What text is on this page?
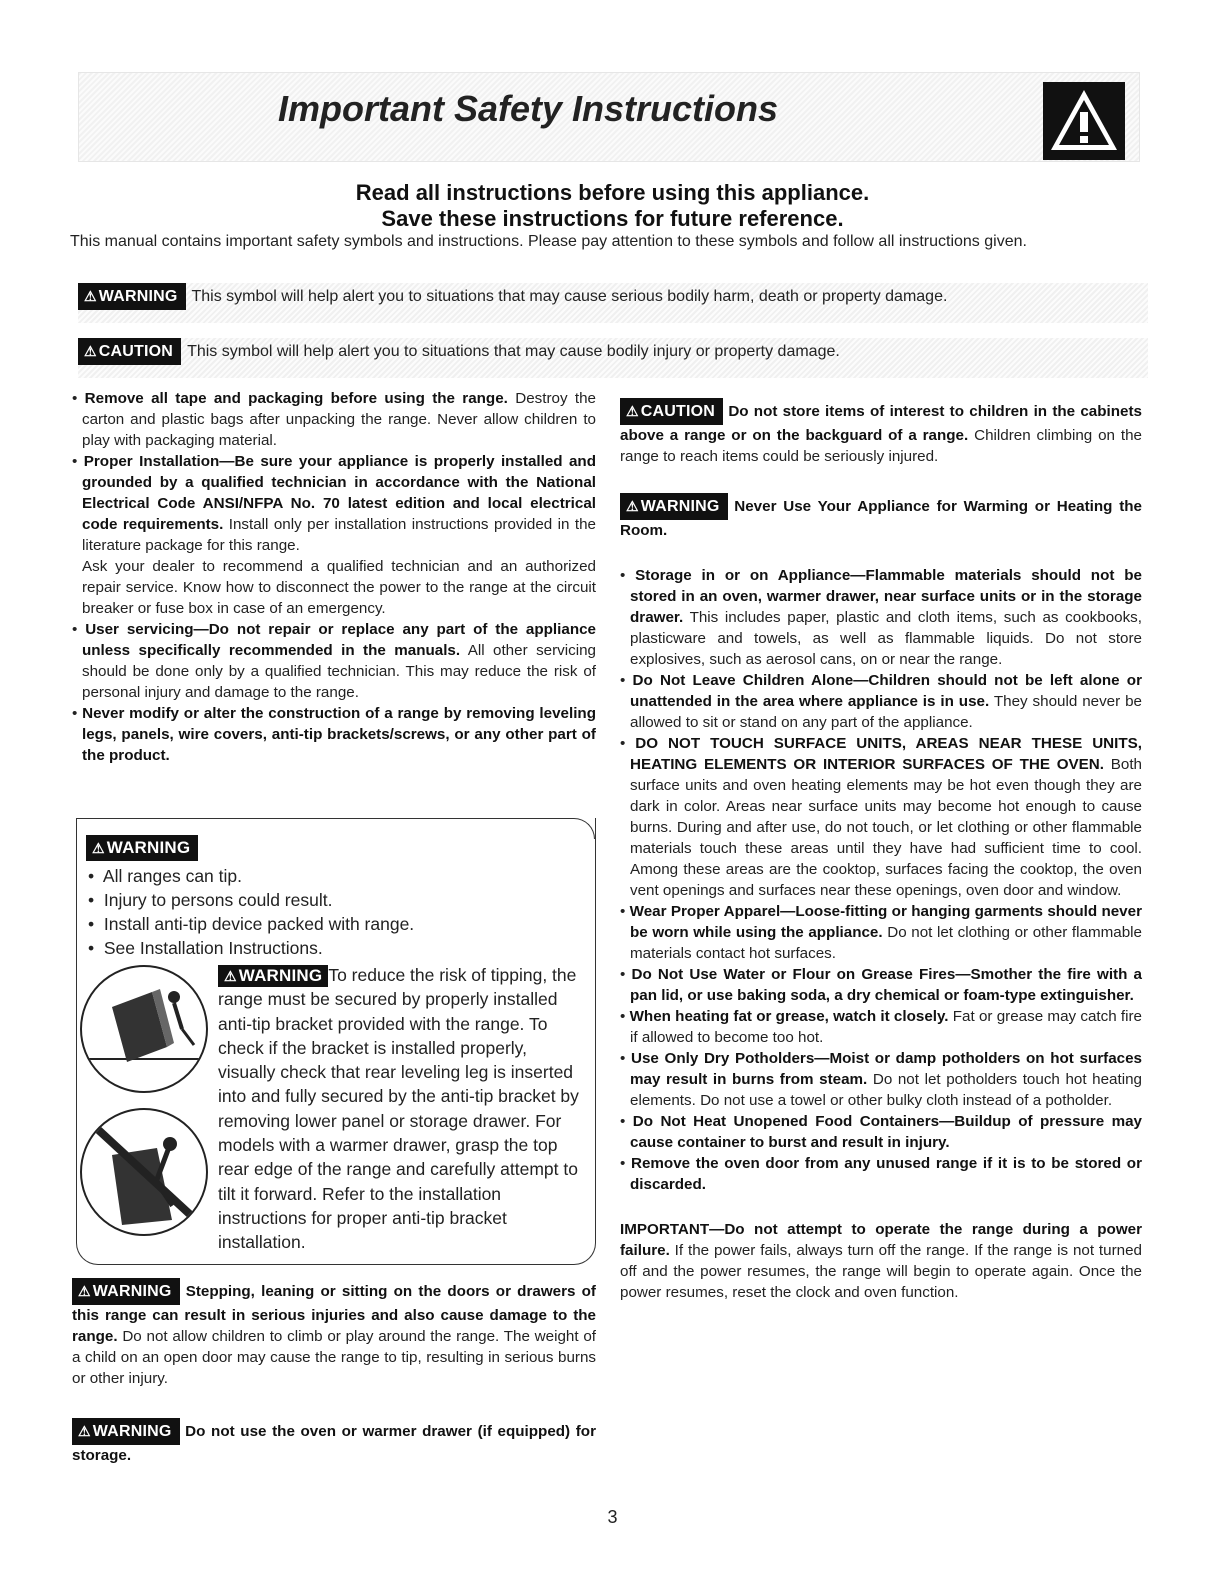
Important Safety Instructions
Read all instructions before using this appliance.
Save these instructions for future reference.
This manual contains important safety symbols and instructions. Please pay attention to these symbols and follow all instructions given.
⚠ WARNING This symbol will help alert you to situations that may cause serious bodily harm, death or property damage.
⚠ CAUTION This symbol will help alert you to situations that may cause bodily injury or property damage.

• Remove all tape and packaging before using the range. Destroy the carton and plastic bags after unpacking the range. Never allow children to play with packaging material.

• Proper Installation—Be sure your appliance is properly installed and grounded by a qualified technician in accordance with the National Electrical Code ANSI/NFPA No. 70 latest edition and local electrical code requirements. Install only per installation instructions provided in the literature package for this range.

Ask your dealer to recommend a qualified technician and an authorized repair service. Know how to disconnect the power to the range at the circuit breaker or fuse box in case of an emergency.

• User servicing—Do not repair or replace any part of the appliance unless specifically recommended in the manuals. All other servicing should be done only by a qualified technician. This may reduce the risk of personal injury and damage to the range.

• Never modify or alter the construction of a range by removing leveling legs, panels, wire covers, anti-tip brackets/screws, or any other part of the product.

⚠ WARNING
•  All ranges can tip.
•  Injury to persons could result.
•  Install anti-tip device packed with range.
•  See Installation Instructions.
⚠ WARNING To reduce the risk of tipping, the range must be secured by properly installed anti-tip bracket provided with the range. To check if the bracket is installed properly, visually check that rear leveling leg is inserted into and fully secured by the anti-tip bracket by removing lower panel or storage drawer. For models with a warmer drawer, grasp the top rear edge of the range and carefully attempt to tilt it forward. Refer to the installation instructions for proper anti-tip bracket installation.

⚠ WARNING Stepping, leaning or sitting on the doors or drawers of this range can result in serious injuries and also cause damage to the range. Do not allow children to climb or play around the range. The weight of a child on an open door may cause the range to tip, resulting in serious burns or other injury.

⚠ WARNING Do not use the oven or warmer drawer (if equipped) for storage.

⚠ CAUTION Do not store items of interest to children in the cabinets above a range or on the backguard of a range. Children climbing on the range to reach items could be seriously injured.

⚠ WARNING Never Use Your Appliance for Warming or Heating the Room.

• Storage in or on Appliance—Flammable materials should not be stored in an oven, warmer drawer, near surface units or in the storage drawer. This includes paper, plastic and cloth items, such as cookbooks, plasticware and towels, as well as flammable liquids. Do not store explosives, such as aerosol cans, on or near the range.

• Do Not Leave Children Alone—Children should not be left alone or unattended in the area where appliance is in use. They should never be allowed to sit or stand on any part of the appliance.

• DO NOT TOUCH SURFACE UNITS, AREAS NEAR THESE UNITS, HEATING ELEMENTS OR INTERIOR SURFACES OF THE OVEN. Both surface units and oven heating elements may be hot even though they are dark in color. Areas near surface units may become hot enough to cause burns. During and after use, do not touch, or let clothing or other flammable materials touch these areas until they have had sufficient time to cool. Among these areas are the cooktop, surfaces facing the cooktop, the oven vent openings and surfaces near these openings, oven door and window.

• Wear Proper Apparel—Loose-fitting or hanging garments should never be worn while using the appliance. Do not let clothing or other flammable materials contact hot surfaces.

• Do Not Use Water or Flour on Grease Fires—Smother the fire with a pan lid, or use baking soda, a dry chemical or foam-type extinguisher.

• When heating fat or grease, watch it closely. Fat or grease may catch fire if allowed to become too hot.

• Use Only Dry Potholders—Moist or damp potholders on hot surfaces may result in burns from steam. Do not let potholders touch hot heating elements. Do not use a towel or other bulky cloth instead of a potholder.

• Do Not Heat Unopened Food Containers—Buildup of pressure may cause container to burst and result in injury.

• Remove the oven door from any unused range if it is to be stored or discarded.

IMPORTANT—Do not attempt to operate the range during a power failure. If the power fails, always turn off the range. If the range is not turned off and the power resumes, the range will begin to operate again. Once the power resumes, reset the clock and oven function.

3
